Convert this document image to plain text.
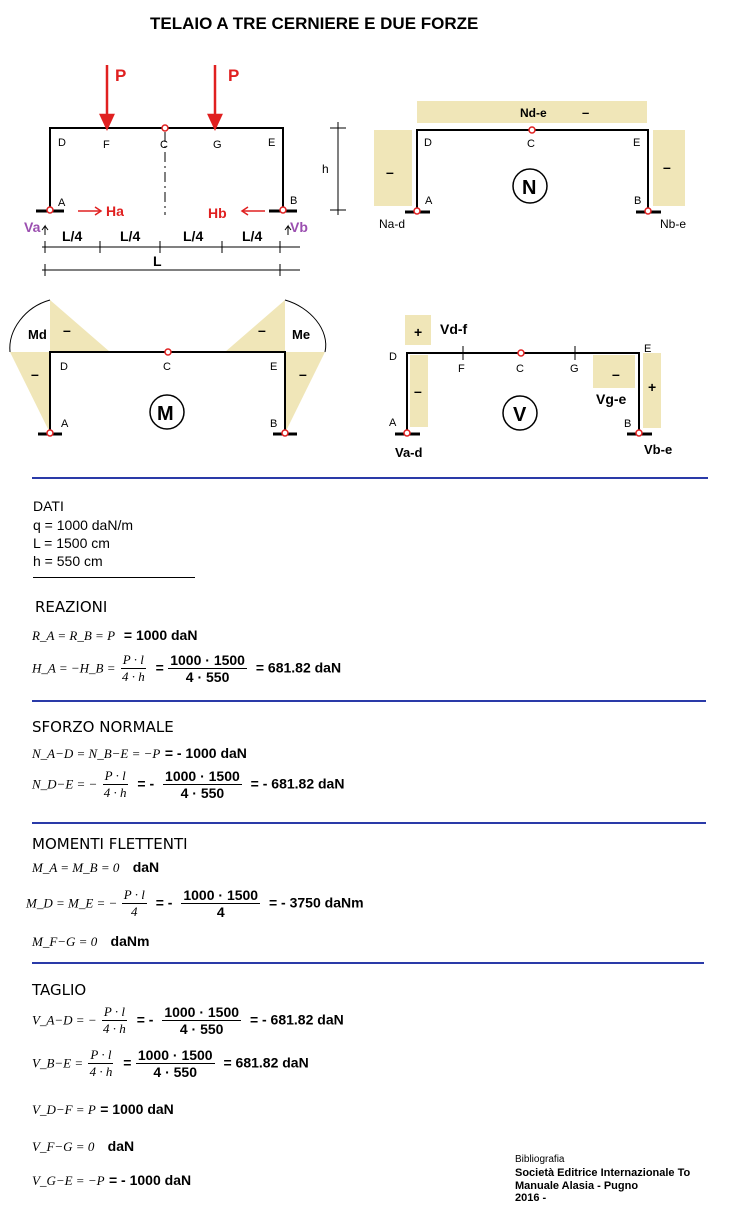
TELAIO A TRE CERNIERE E DUE FORZE
P	P
D	F	C	G	E
A	B
Ha	Hb
Va	Vb
L/4	L/4	L/4	L/4
L
h
N
Nd-e	–
–	–
D	C	E
A	B
Na-d	Nb-e
M
Md	Me
–	–
–	–
D	C	E
A	B	V
+
–
–
+
Vd-f
Vg-e
Va-d	Vb-e
D
F	C	G
E
A	B
DATI
q = 1000 daN/m
L = 1500 cm
h = 550 cm
REAZIONI
R_A = R_B = P = 1000 daN
H_A = −H_B = $\frac{P \cdot l}{4 \cdot h} = \frac{1000 \cdot 1500}{4 \cdot 550} = 681.82$ daN
SFORZO NORMALE
N_A−D = N_B−E = −P = - 1000 daN
N_D−E = − $\frac{P \cdot l}{4 \cdot h}$ = - $\frac{1000 \cdot 1500}{4 \cdot 550}$ = - 681.82 daN
MOMENTI FLETTENTI
M_A = M_B = 0 daN
M_D = M_E = − $\frac{P \cdot l}{4}$ = - $\frac{1000 \cdot 1500}{4}$ = - 3750 daNm
M_F−G = 0 daNm
TAGLIO
V_A−D = − $\frac{P \cdot l}{4 \cdot h}$ = - $\frac{1000 \cdot 1500}{4 \cdot 550}$ = - 681.82 daN
V_B−E = $\frac{P \cdot l}{4 \cdot h} = \frac{1000 \cdot 1500}{4 \cdot 550} = 681.82$ daN
V_D−F = P = 1000 daN
V_F−G = 0 daN
V_G−E = −P = - 1000 daN
Bibliografia
Società Editrice Internazionale To
Manuale Alasia - Pugno
2016 -
